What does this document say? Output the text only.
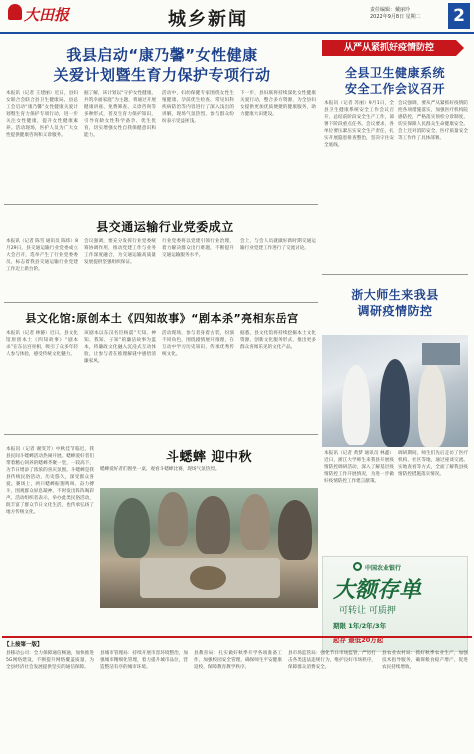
大田报	城乡新闻	责任编辑：戴丽玲
2022年9月8日 星期二 2
我县启动“康乃馨”女性健康
关爱计划暨生育力保护专项行动
本报讯（记者 王建丽）近日，县妇女联合会联合县卫生健康局、县总工会启动“康乃馨”女性健康关爱计划暨生育力保护专项行动，进一步关注女性健康，提升女性健康素养。活动现场，医护人员为广大女性提供健康咨询和义诊服务。
据了解，该计划以“守护女性健康，共筑幸福家庭”为主题，将通过开展健康讲座、免费筛查、义诊咨询等多种形式，普及生育力保护知识，引导育龄女性科学备孕、优生优育，切实增强女性自我保健意识和能力。
活动中，妇幼保健专家围绕女性生殖健康、孕前优生检查、常见妇科疾病防治等内容进行了深入浅出的讲解，现场气氛热烈，参与群众纷纷表示受益匪浅。
下一步，县妇联将持续深化女性健康关爱行动，整合多方资源，为全县妇女提供更加优质便捷的健康服务，助力健康大田建设。
县交通运输行业党委成立
本报讯（记者 陈雪 通讯员 陈炜）8月29日，县交通运输行业党委成立大会召开，选举产生了行业党委委员，标志着我县交通运输行业党建工作迈上新台阶。
会议强调，要充分发挥行业党委统筹协调作用，推动党建工作与业务工作深度融合，为交通运输高质量发展提供坚强组织保证。
行业党委将以党建引领行业治理，着力解决群众出行难题，不断提升交通运输服务水平。
会上，与会人员就做好新时期交通运输行业党建工作进行了交流讨论。
县文化馆:原创本土《四知故事》“剧本杀”亮相东岳宫
本报讯（记者 林静）近日，县文化馆原创本土《四知故事》“剧本杀”在东岳宫亮相，吸引了众多年轻人参与体验，感受传统文化魅力。
该剧本以东汉名臣杨震“天知、神知、我知、子知”的廉洁故事为蓝本，将廉政文化融入沉浸式互动体验，让参与者在推理解谜中感悟清廉家风。
活动现场，参与者身着古装，扮演不同角色，围绕剧情展开推理，在互动中学习历史知识，传承优秀传统文化。
据悉，县文化馆将持续挖掘本土文化资源，创新文化服务形式，推出更多群众喜闻乐见的文化产品。
斗蟋蟀 迎中秋
本报讯（记者 谢雯芳）中秋佳节临近，我县民间斗蟋蟀活动热闹开展。蟋蟀爱好者们带着精心饲养的蟋蟀齐聚一堂，一较高下，为节日增添了浓浓的喜庆氛围。斗蟋蟀是我县传统民俗活动，历史悠久，深受群众喜爱。赛场上，两只蟋蟀振翅鸣叫、奋力搏斗，围观群众屏息凝神，不时发出阵阵喝彩声。活动组织者表示，举办此类民俗活动，既丰富了群众节日文化生活，也传承弘扬了地方传统文化。
蟋蟀爱好者们围坐一桌，观看斗蟋蟀比赛，现场气氛热烈。
从严从紧抓好疫情防控
全县卫生健康系统
安全工作会议召开
本报讯（记者 苏丽）9月1日，全县卫生健康系统安全工作会议召开，总结前阶段安全生产工作，部署下阶段重点任务。会议要求，各单位要压紧压实安全生产责任，扎实开展隐患排查整治，坚决守住安全底线。
会议强调，要从严从紧抓好疫情防控各项措施落实，加强医疗机构院感防控，严格落实预检分诊制度，切实保障人民群众生命健康安全。会上还对消防安全、医疗质量安全等工作作了具体部署。
浙大师生来我县
调研疫情防控
本报讯（记者 黄梦 通讯员 林鑫）近日，浙江大学师生来我县开展疫情防控调研活动，深入了解基层疫情防控工作开展情况，为进一步做好疫情防控工作建言献策。
调研期间，师生们先后走访了医疗机构、社区等地，通过座谈交流、实地查看等方式，全面了解我县疫情防控措施落实情况。
中国农业银行
大额存单
可转让 可质押
期限 1年/2年/3年
起存 最低20万起
【上接第一版】
县移动公司：全力保障通信畅通，加快推进5G网络建设，不断提升网络覆盖质量，为全县经济社会发展提供坚实的通信保障。
县城市管理局：持续开展市容环境整治，加强城市精细化管理，着力提升城市品位，营造整洁有序的城市环境。
县教育局：扎实做好秋季开学各项准备工作，加强校园安全管理，确保师生平安健康返校，保障教育教学秩序。
县市场监管局：强化节日市场监管，严厉打击各类违法违规行为，维护良好市场秩序，保障群众消费安全。
县农业农村局：抓好秋季农业生产，加强技术指导服务，确保粮食稳产增产，促进农民持续增收。
